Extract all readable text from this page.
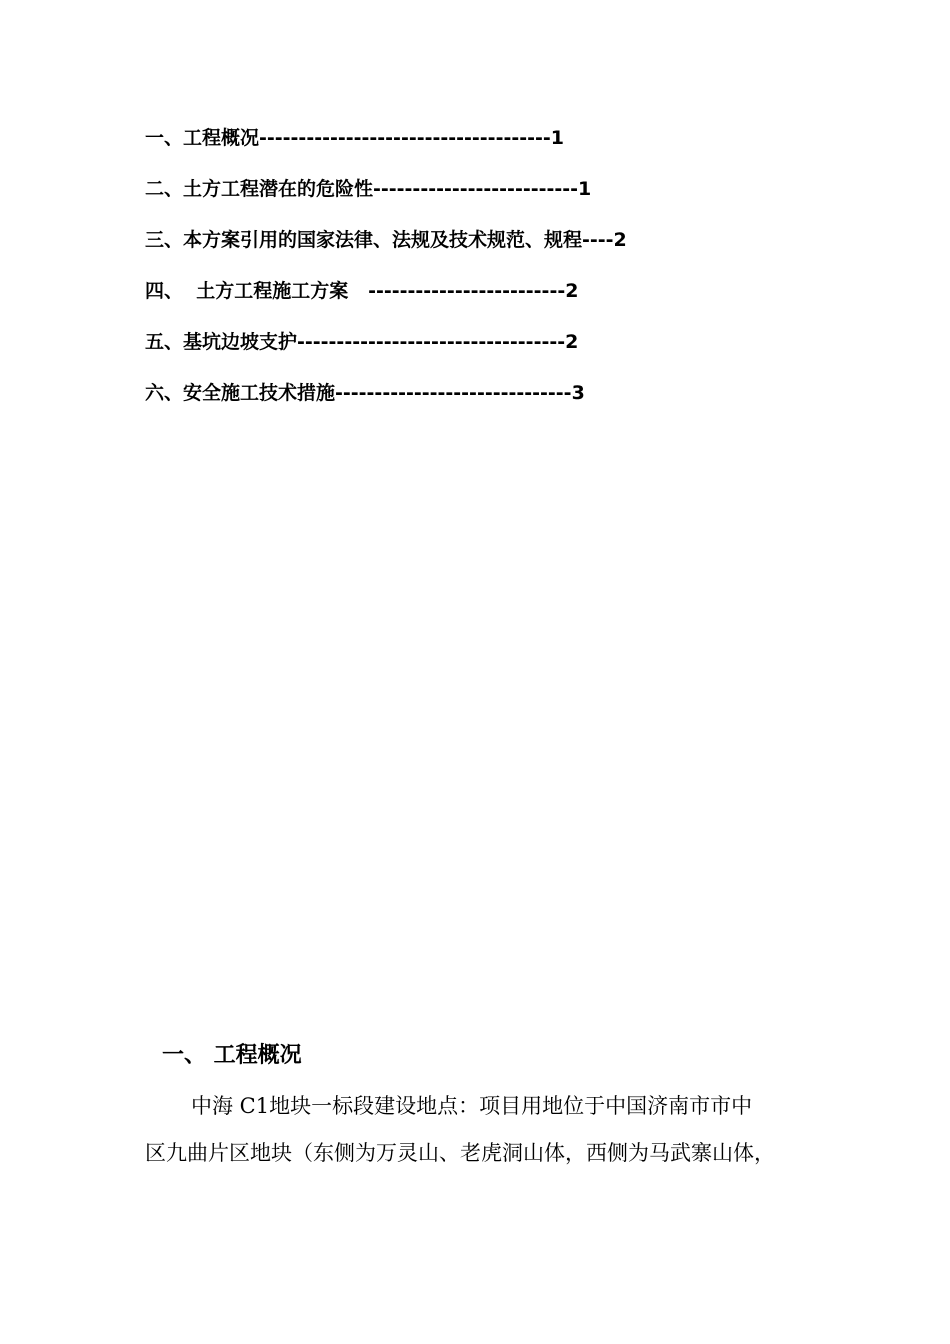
一、工程概况-------------------------------------1
二、土方工程潜在的危险性--------------------------1
三、本方案引用的国家法律、法规及技术规范、规程----2
四、  土方工程施工方案   -------------------------2
五、基坑边坡支护----------------------------------2
六、安全施工技术措施------------------------------3
一、 工程概况
中海 C1地块一标段建设地点：项目用地位于中国济南市市中
区九曲片区地块（东侧为万灵山、老虎洞山体，西侧为马武寨山体，
